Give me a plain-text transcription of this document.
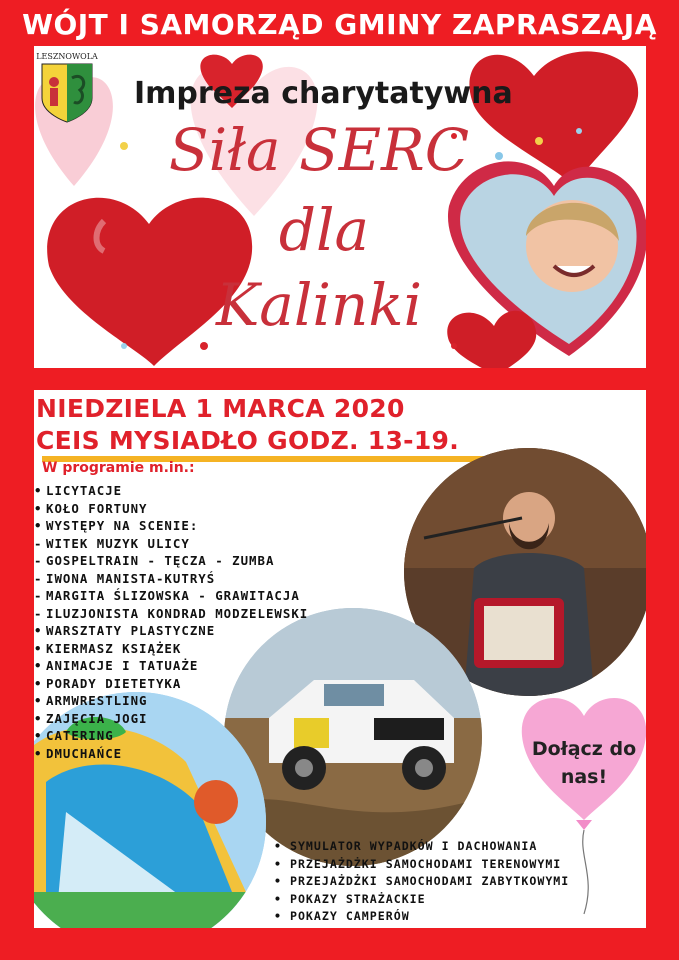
WÓJT I SAMORZĄD GMINY ZAPRASZAJĄ
LESZNOWOLA
Impreza charytatywna
Siła SERC
dla
Kalinki
NIEDZIELA 1 MARCA 2020
CEIS MYSIADŁO GODZ. 13-19.
W programie m.in.:
• LICYTACJE
• KOŁO FORTUNY
• WYSTĘPY NA SCENIE:
- WITEK MUZYK ULICY
- GOSPELTRAIN - TĘCZA - ZUMBA
- IWONA MANISTA-KUTRYŚ
- MARGITA ŚLIZOWSKA - GRAWITACJA
- ILUZJONISTA KONDRAD MODZELEWSKI
• WARSZTATY PLASTYCZNE
• KIERMASZ KSIĄŻEK
• ANIMACJE I TATUAŻE
• PORADY DIETETYKA
• ARMWRESTLING
• ZAJĘCIA JOGI
• CATERING
• DMUCHAŃCE	Dołącz do
nas!
• SYMULATOR WYPADKÓW I DACHOWANIA
• PRZEJAŻDŻKI SAMOCHODAMI TERENOWYMI
• PRZEJAŻDŻKI SAMOCHODAMI ZABYTKOWYMI
• POKAZY STRAŻACKIE
• POKAZY CAMPERÓW
